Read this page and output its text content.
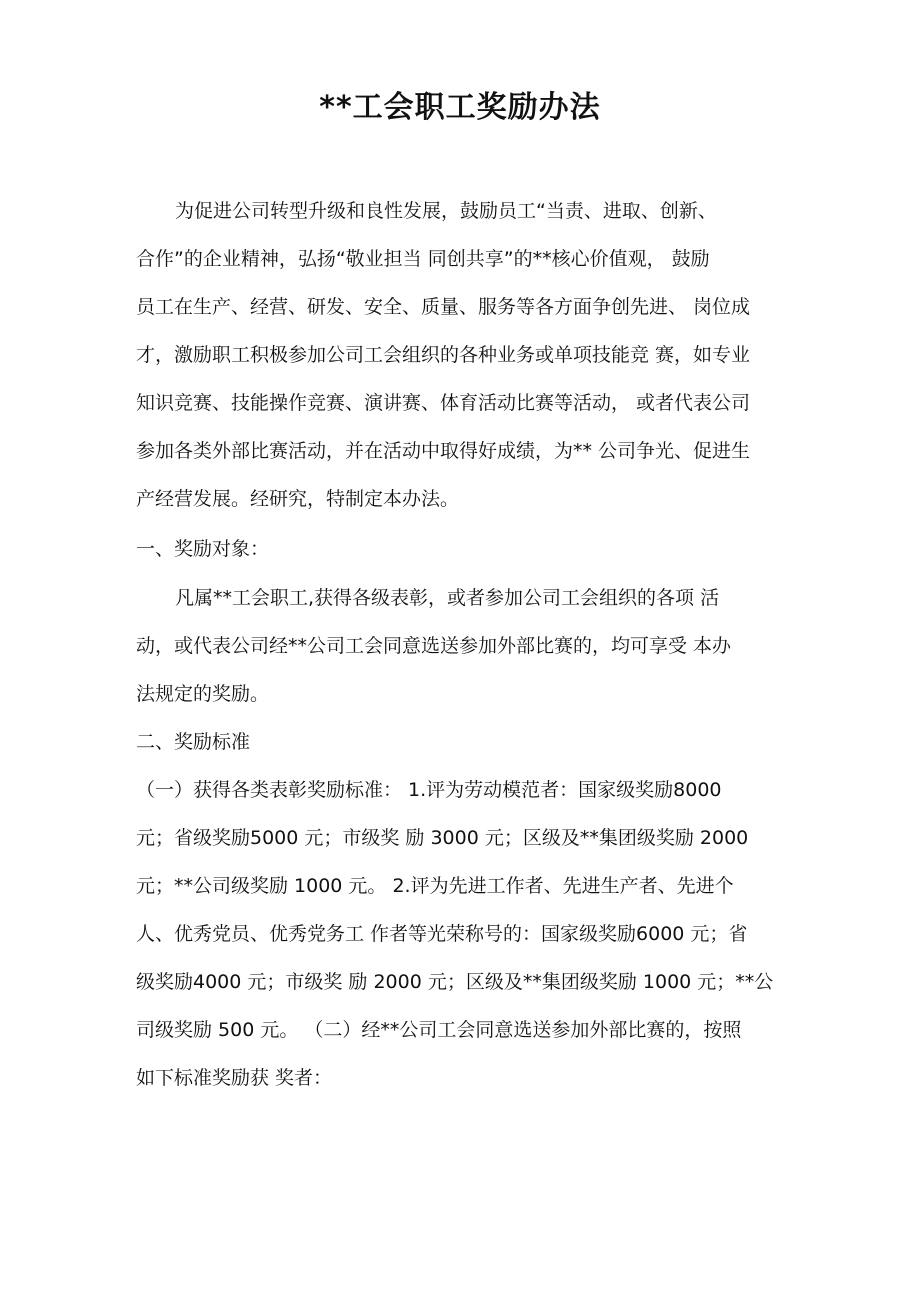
**工会职工奖励办法
为促进公司转型升级和良性发展，鼓励员工“当责、进取、创新、
合作”的企业精神，弘扬“敬业担当 同创共享”的**核心价值观， 鼓励
员工在生产、经营、研发、安全、质量、服务等各方面争创先进、 岗位成
才，激励职工积极参加公司工会组织的各种业务或单项技能竞 赛，如专业
知识竞赛、技能操作竞赛、演讲赛、体育活动比赛等活动， 或者代表公司
参加各类外部比赛活动，并在活动中取得好成绩，为** 公司争光、促进生
产经营发展。经研究，特制定本办法。
一、奖励对象：
凡属**工会职工,获得各级表彰，或者参加公司工会组织的各项 活
动，或代表公司经**公司工会同意选送参加外部比赛的，均可享受 本办
法规定的奖励。
二、奖励标准
（一）获得各类表彰奖励标准： 1.评为劳动模范者：国家级奖励8000
元；省级奖励5000 元；市级奖 励 3000 元；区级及**集团级奖励 2000
元；**公司级奖励 1000 元。 2.评为先进工作者、先进生产者、先进个
人、优秀党员、优秀党务工 作者等光荣称号的：国家级奖励6000 元；省
级奖励4000 元；市级奖 励 2000 元；区级及**集团级奖励 1000 元；**公
司级奖励 500 元。 （二）经**公司工会同意选送参加外部比赛的，按照
如下标准奖励获 奖者：
